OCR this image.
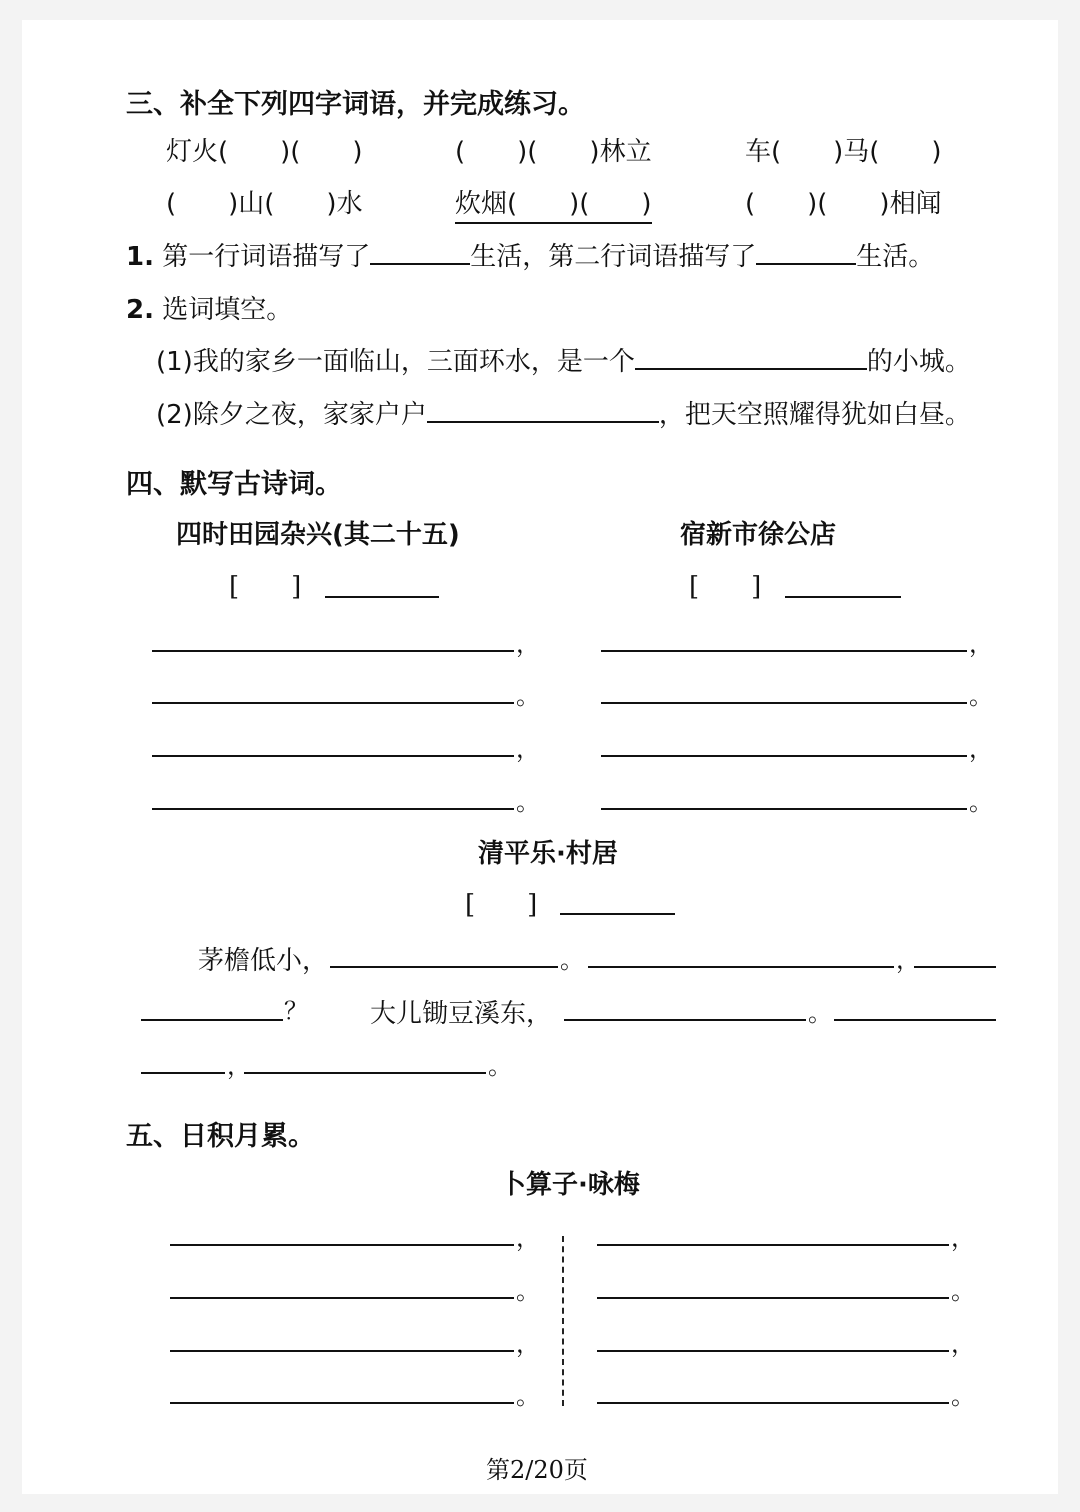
三、补全下列四字词语，并完成练习。
灯火(　　)(　　)	(　　)(　　)林立	车(　　)马(　　)
(　　)山(　　)水	炊烟(　　)(　　)	(　　)(　　)相闻
1. 第一行词语描写了	生活，第二行词语描写了	生活。
2. 选词填空。
(1)我的家乡一面临山，三面环水，是一个	的小城。
(2)除夕之夜，家家户户	，把天空照耀得犹如白昼。
四、默写古诗词。
四时田园杂兴(其二十五)
[　　]
，
。
，
。
宿新市徐公店
[　　]
，
。
，
。
清平乐·村居
[　　]
茅檐低小，	。	，
？ 大儿锄豆溪东，	。
，	。
五、日积月累。
卜算子·咏梅
，
。
，
。
，
。
，
。
第2/20页
